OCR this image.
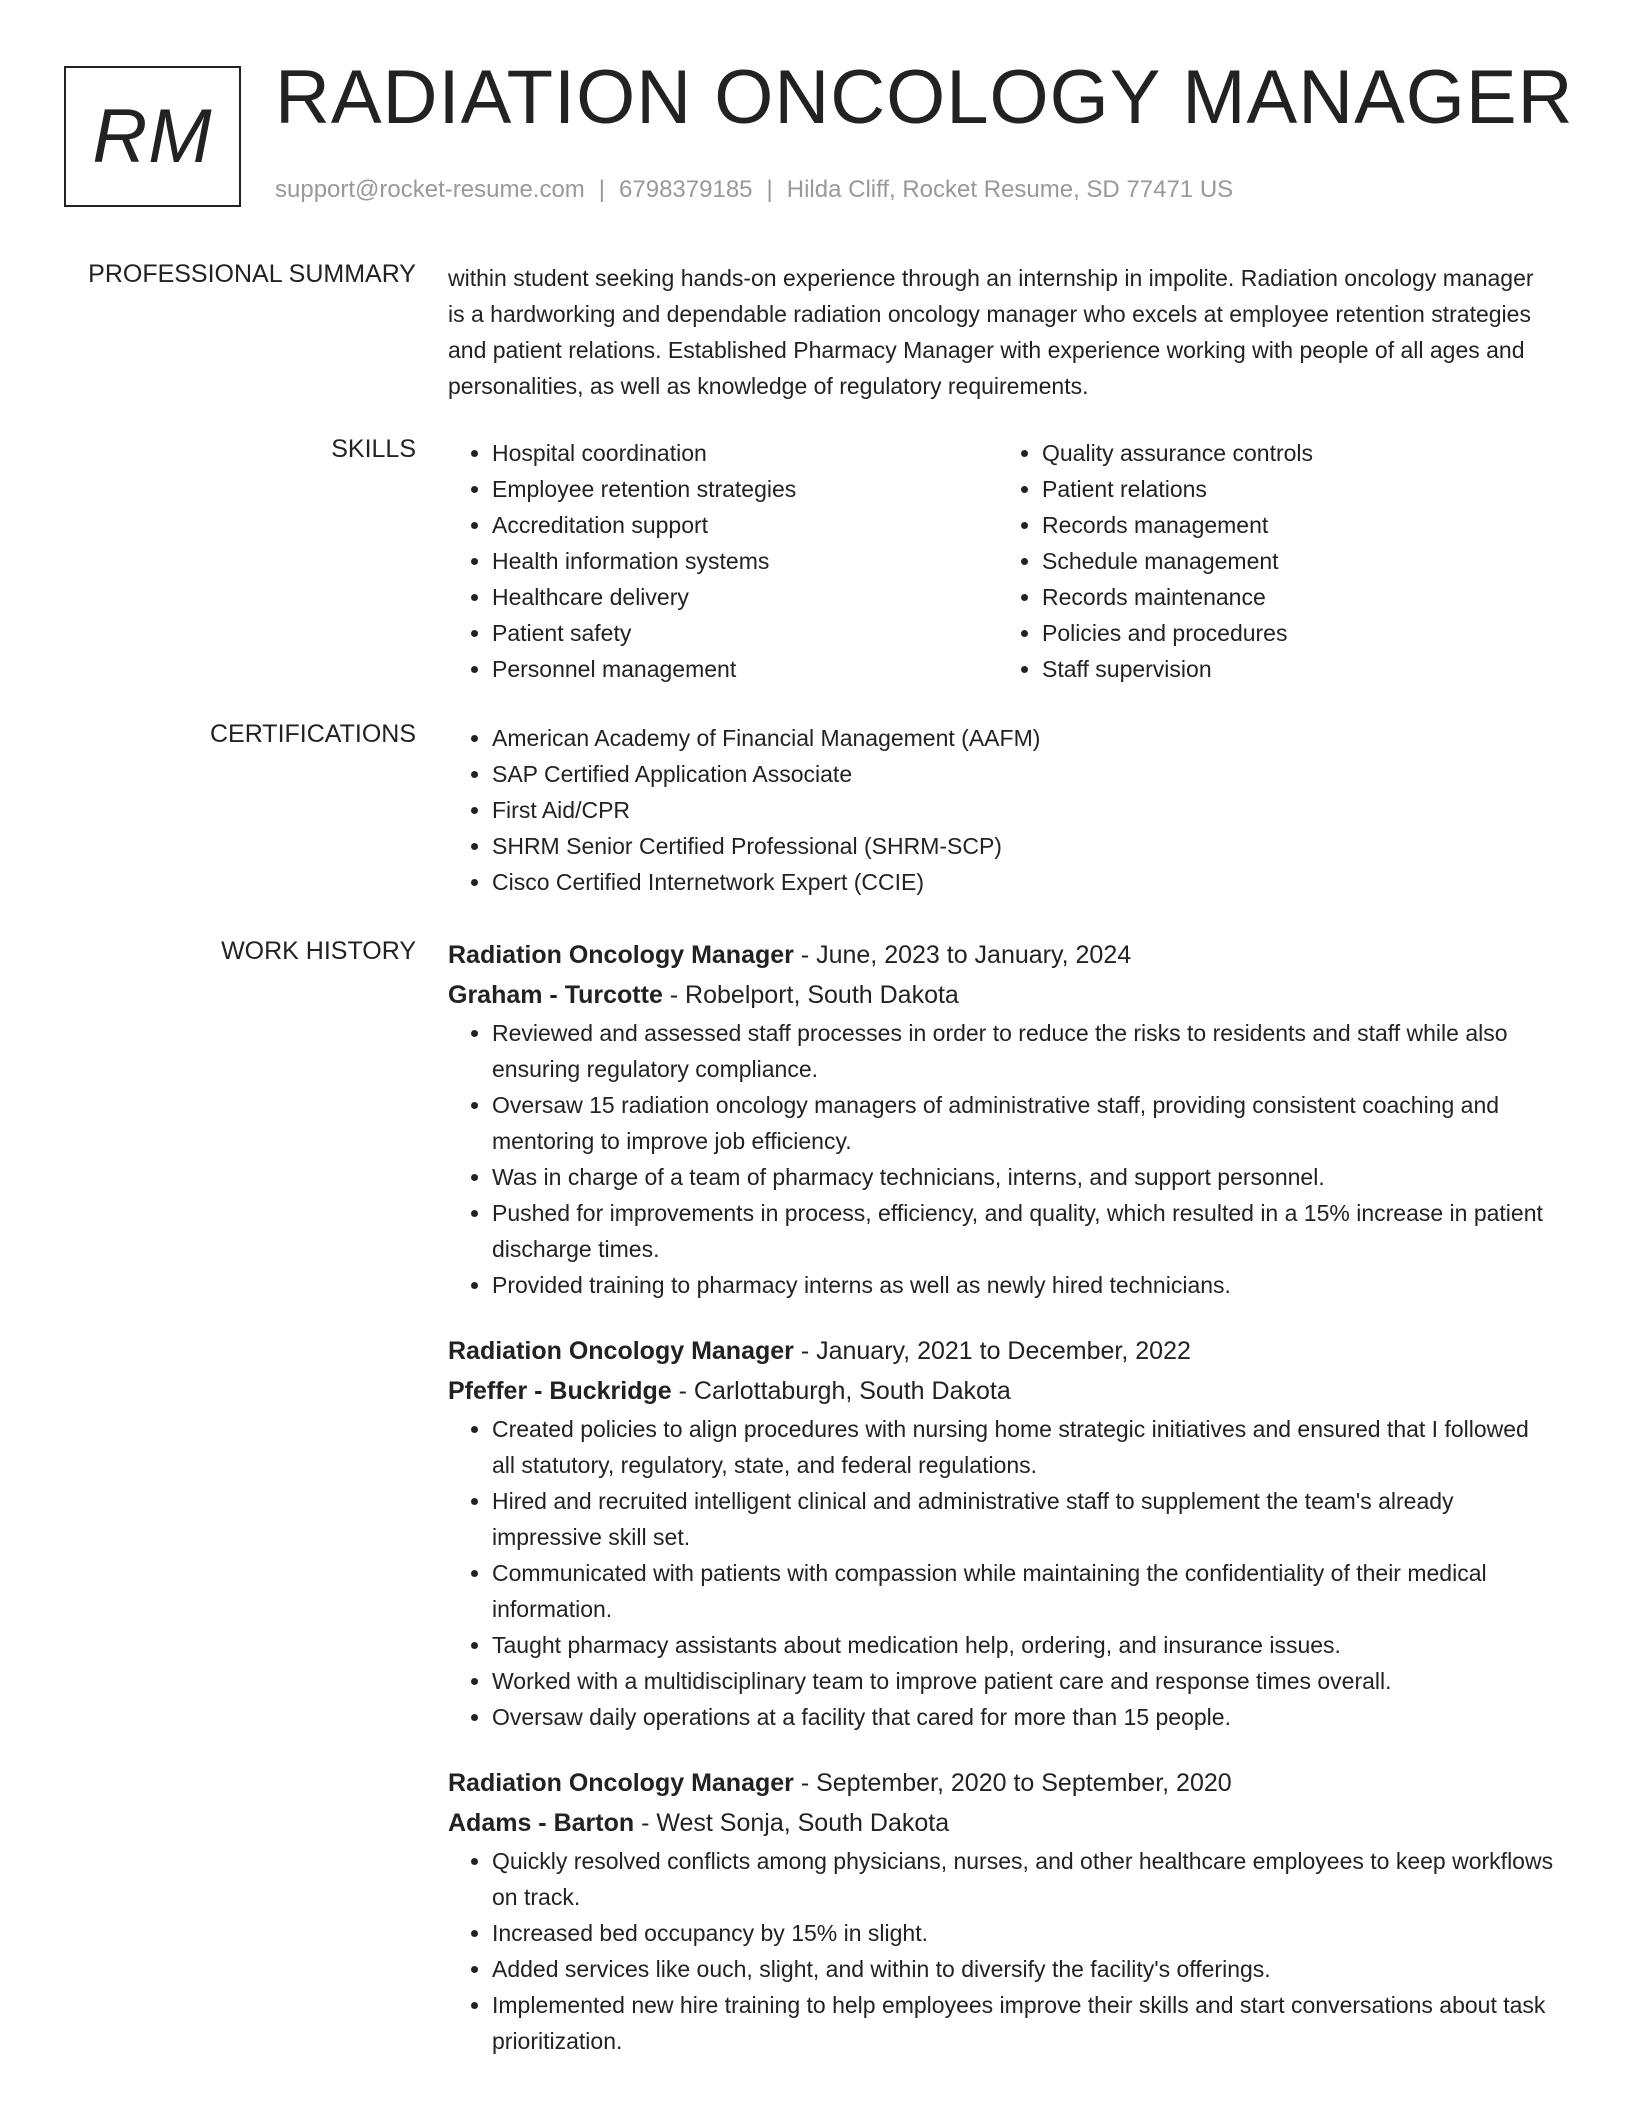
RM RADIATION ONCOLOGY MANAGER
support@rocket-resume.com | 6798379185 | Hilda Cliff, Rocket Resume, SD 77471 US
PROFESSIONAL SUMMARY within student seeking hands-on experience through an internship in impolite. Radiation oncology manager is a hardworking and dependable radiation oncology manager who excels at employee retention strategies and patient relations. Established Pharmacy Manager with experience working with people of all ages and personalities, as well as knowledge of regulatory requirements.

SKILLS	• Hospital coordination
• Employee retention strategies
• Accreditation support
• Health information systems
• Healthcare delivery
• Patient safety
• Personnel management
• Quality assurance controls
• Patient relations
• Records management
• Schedule management
• Records maintenance
• Policies and procedures
• Staff supervision
CERTIFICATIONS	• American Academy of Financial Management (AAFM)
• SAP Certified Application Associate
• First Aid/CPR
• SHRM Senior Certified Professional (SHRM-SCP)
• Cisco Certified Internetwork Expert (CCIE)
WORK HISTORY Radiation Oncology Manager - June, 2023 to January, 2024
Graham - Turcotte - Robelport, South Dakota
• Reviewed and assessed staff processes in order to reduce the risks to residents and staff while also ensuring regulatory compliance.
• Oversaw 15 radiation oncology managers of administrative staff, providing consistent coaching and mentoring to improve job efficiency.
• Was in charge of a team of pharmacy technicians, interns, and support personnel.
• Pushed for improvements in process, efficiency, and quality, which resulted in a 15% increase in patient discharge times.
• Provided training to pharmacy interns as well as newly hired technicians.
Radiation Oncology Manager - January, 2021 to December, 2022
Pfeffer - Buckridge - Carlottaburgh, South Dakota
• Created policies to align procedures with nursing home strategic initiatives and ensured that I followed all statutory, regulatory, state, and federal regulations.
• Hired and recruited intelligent clinical and administrative staff to supplement the team's already impressive skill set.
• Communicated with patients with compassion while maintaining the confidentiality of their medical information.
• Taught pharmacy assistants about medication help, ordering, and insurance issues.
• Worked with a multidisciplinary team to improve patient care and response times overall.
• Oversaw daily operations at a facility that cared for more than 15 people.
Radiation Oncology Manager - September, 2020 to September, 2020
Adams - Barton - West Sonja, South Dakota
• Quickly resolved conflicts among physicians, nurses, and other healthcare employees to keep workflows on track.
• Increased bed occupancy by 15% in slight.
• Added services like ouch, slight, and within to diversify the facility's offerings.
• Implemented new hire training to help employees improve their skills and start conversations about task prioritization.
